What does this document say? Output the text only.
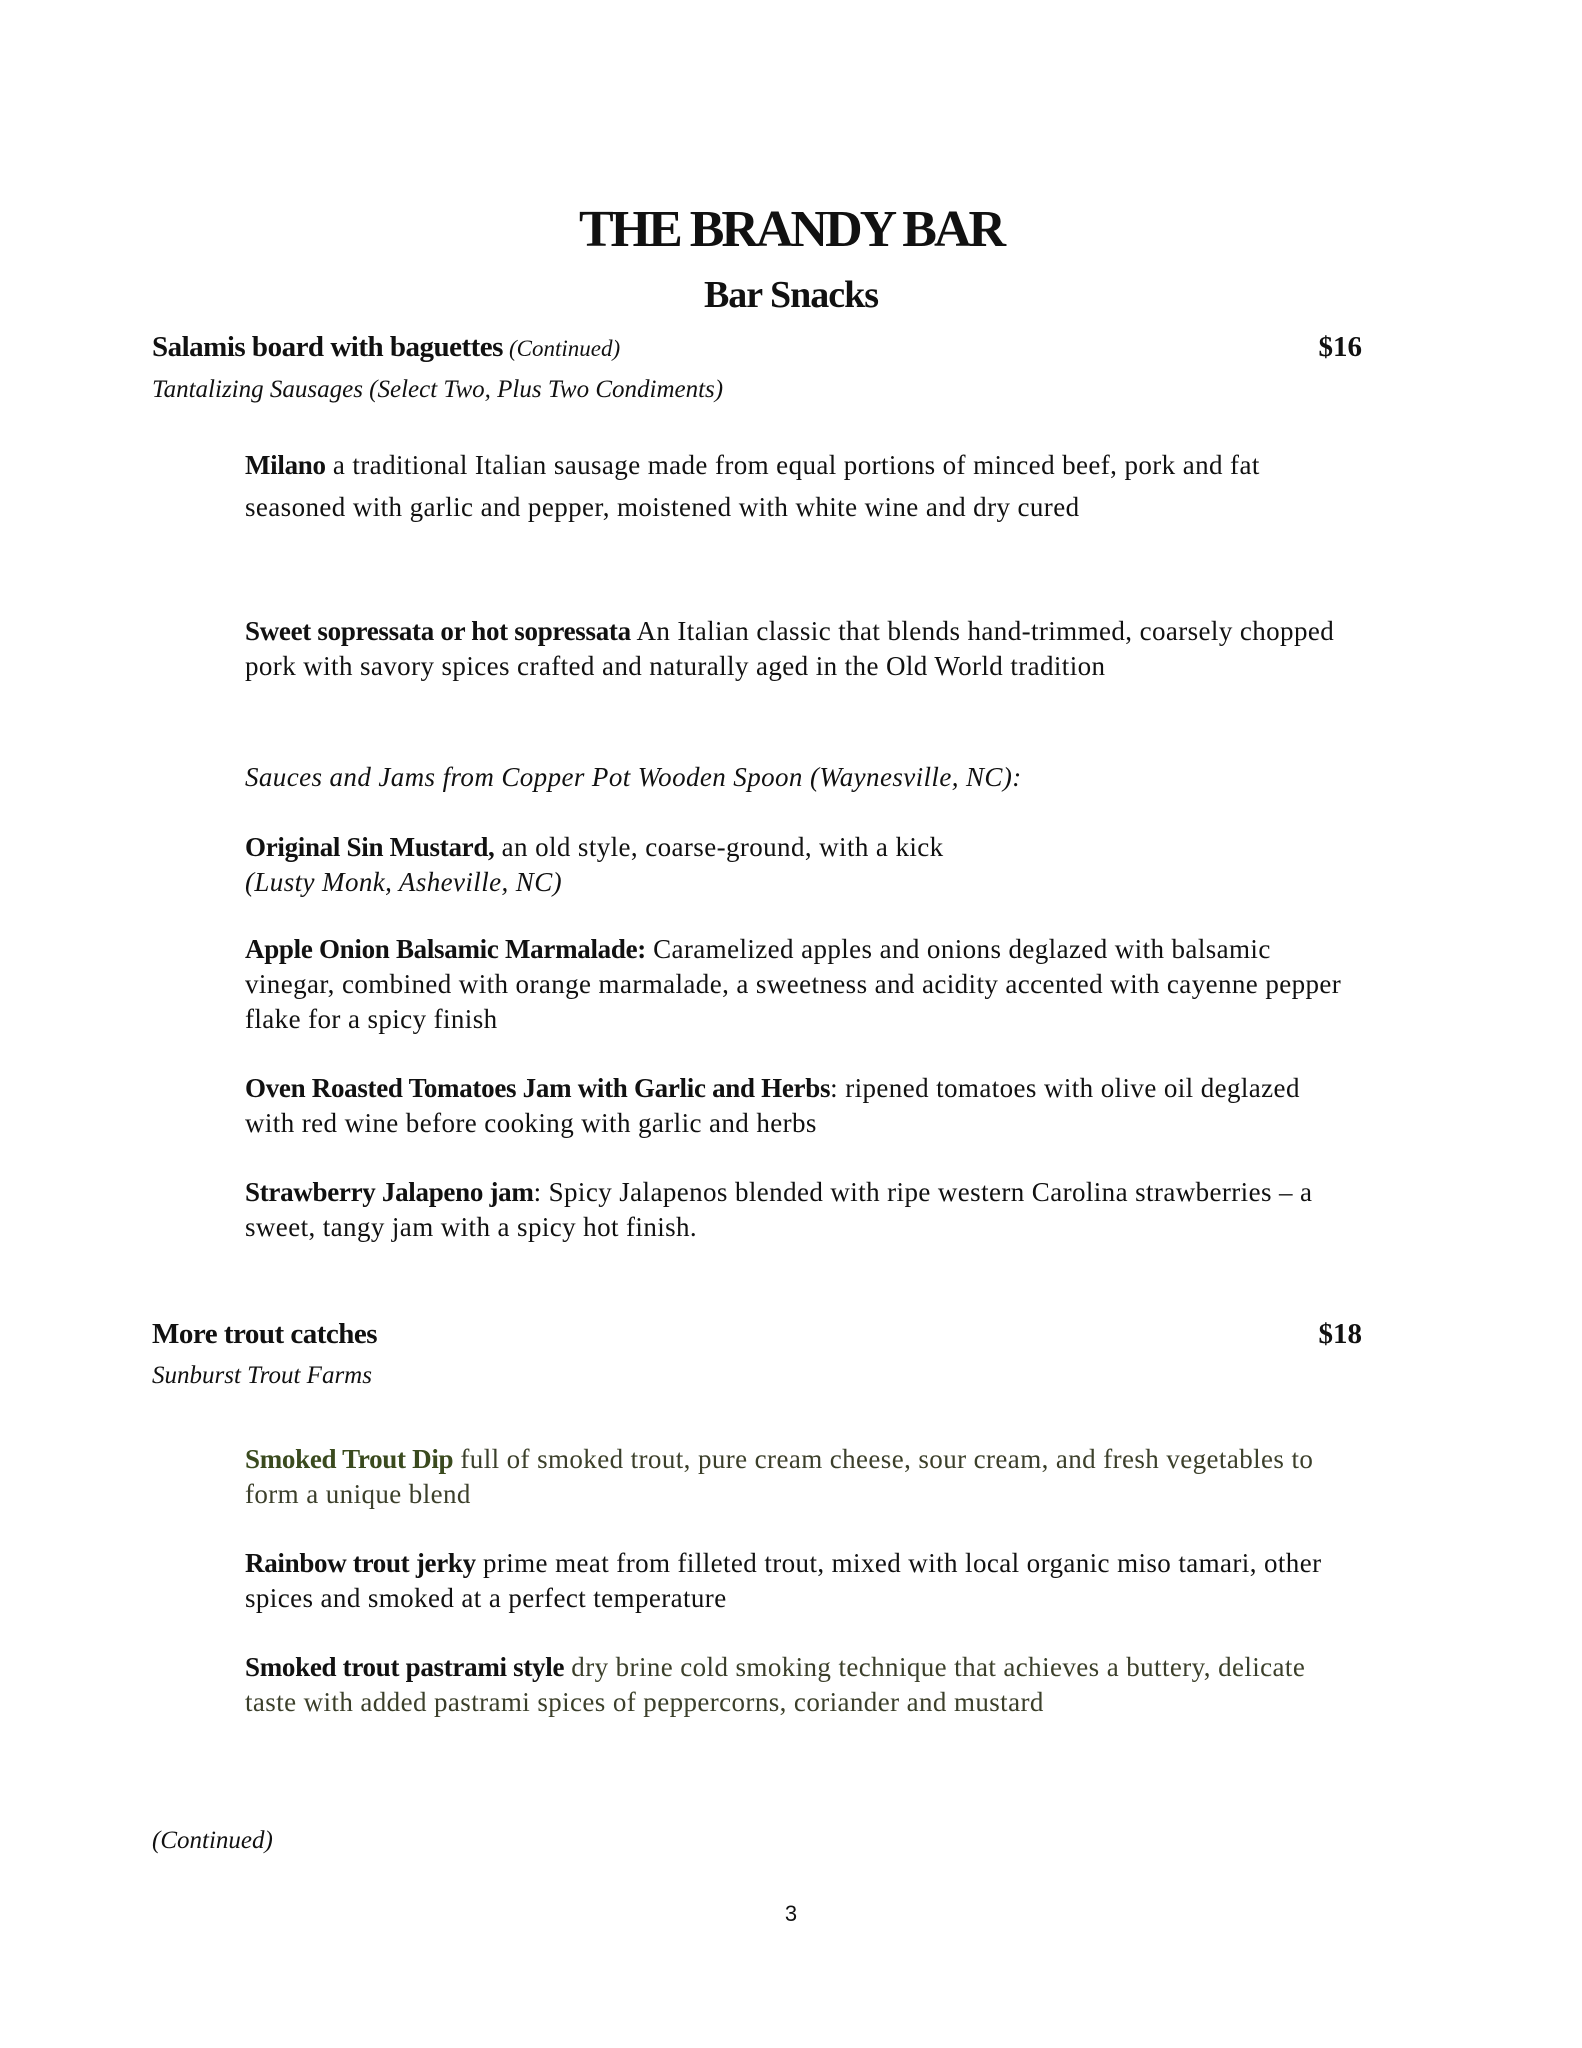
THE BRANDY BAR
Bar Snacks
Salamis board with baguettes (Continued)	$16
Tantalizing Sausages (Select Two, Plus Two Condiments)
Milano a traditional Italian sausage made from equal portions of minced beef, pork and fat seasoned with garlic and pepper, moistened with white wine and dry cured
Sweet sopressata or hot sopressata An Italian classic that blends hand-trimmed, coarsely chopped pork with savory spices crafted and naturally aged in the Old World tradition
Sauces and Jams from Copper Pot Wooden Spoon (Waynesville, NC):
Original Sin Mustard, an old style, coarse-ground, with a kick
(Lusty Monk, Asheville, NC)
Apple Onion Balsamic Marmalade: Caramelized apples and onions deglazed with balsamic vinegar, combined with orange marmalade, a sweetness and acidity accented with cayenne pepper flake for a spicy finish
Oven Roasted Tomatoes Jam with Garlic and Herbs: ripened tomatoes with olive oil deglazed with red wine before cooking with garlic and herbs
Strawberry Jalapeno jam: Spicy Jalapenos blended with ripe western Carolina strawberries – a sweet, tangy jam with a spicy hot finish.
More trout catches	$18
Sunburst Trout Farms
Smoked Trout Dip full of smoked trout, pure cream cheese, sour cream, and fresh vegetables to form a unique blend
Rainbow trout jerky prime meat from filleted trout, mixed with local organic miso tamari, other spices and smoked at a perfect temperature
Smoked trout pastrami style dry brine cold smoking technique that achieves a buttery, delicate taste with added pastrami spices of peppercorns, coriander and mustard
(Continued)
3
